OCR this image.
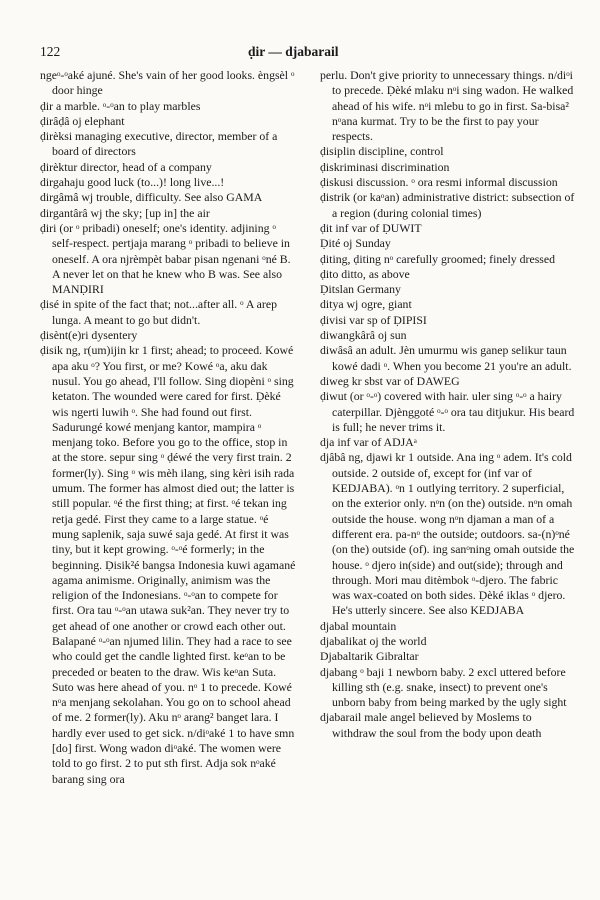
122	ḍir — djabarail

ngeᵒ-ᵒaké ajuné. She's vain of her good looks. èngsèl ᵒ door hinge

ḍir a marble. ᵒ-ᵒan to play marbles

ḍirâḍâ oj elephant

ḍirèksi managing executive, director, member of a board of directors

ḍirèktur director, head of a company

dirgahaju good luck (to...)! long live...!

dirgâmâ wj trouble, difficulty. See also GAMA

dirgantârâ wj the sky; [up in] the air

ḍiri (or ᵒ pribadi) oneself; one's identity. adjining ᵒ self-respect. pertjaja marang ᵒ pribadi to believe in oneself. A ora njrèmpèt babar pisan ngenani ᵒné B. A never let on that he knew who B was. See also MANḌIRI

ḍisé in spite of the fact that; not...after all. ᵒ A arep lunga. A meant to go but didn't.

ḍisènt(e)ri dysentery

ḍisik ng, r(um)ijin kr 1 first; ahead; to proceed. Kowé apa aku ᵒ? You first, or me? Kowé ᵒa, aku dak nusul. You go ahead, I'll follow. Sing diopèni ᵒ sing ketaton. The wounded were cared for first. Ḍèké wis ngerti luwih ᵒ. She had found out first. Sadurungé kowé menjang kantor, mampira ᵒ menjang toko. Before you go to the office, stop in at the store. sepur sing ᵒ ḍéwé the very first train. 2 former(ly). Sing ᵒ wis mèh ilang, sing kèri isih rada umum. The former has almost died out; the latter is still popular. ᵒé the first thing; at first. ᵒé tekan ing retja gedé. First they came to a large statue. ᵒé mung saplenik, saja suwé saja gedé. At first it was tiny, but it kept growing. ᵒ-ᵒé formerly; in the beginning. Ḍisik²é bangsa Indonesia kuwi agamané agama animisme. Originally, animism was the religion of the Indonesians. ᵒ-ᵒan to compete for first. Ora tau ᵒ-ᵒan utawa suk²an. They never try to get ahead of one another or crowd each other out. Balapané ᵒ-ᵒan njumed lilin. They had a race to see who could get the candle lighted first. keᵒan to be preceded or beaten to the draw. Wis keᵒan Suta. Suto was here ahead of you. nᵒ 1 to precede. Kowé nᵒa menjang sekolahan. You go on to school ahead of me. 2 former(ly). Aku nᵒ arang² banget lara. I hardly ever used to get sick. n/diᵒaké 1 to have smn [do] first. Wong wadon diᵒaké. The women were told to go first. 2 to put sth first. Adja sok nᵒaké barang sing ora

perlu. Don't give priority to unnecessary things. n/diᵒi to precede. Ḍèké mlaku nᵒi sing wadon. He walked ahead of his wife. nᵒi mlebu to go in first. Sa-bisa² nᵒana kurmat. Try to be the first to pay your respects.

ḍisiplin discipline, control

ḍiskriminasi discrimination

ḍiskusi discussion. ᵒ ora resmi informal discussion

ḍistrik (or kaᵒan) administrative district: subsection of a region (during colonial times)

ḍit inf var of ḌUWIT

Ḍité oj Sunday

ḍiting, ḍiting nᵒ carefully groomed; finely dressed

ḍito ditto, as above

Ḍitslan Germany

ditya wj ogre, giant

ḍivisi var sp of ḌIPISI

diwangkârâ oj sun

diwâsâ an adult. Jèn umurmu wis ganep selikur taun kowé dadi ᵒ. When you become 21 you're an adult.

diweg kr sbst var of DAWEG

ḍiwut (or ᵒ-ᵒ) covered with hair. uler sing ᵒ-ᵒ a hairy caterpillar. Djènggoté ᵒ-ᵒ ora tau ditjukur. His beard is full; he never trims it.

dja inf var of ADJAᵃ

djâbâ ng, djawi kr 1 outside. Ana ing ᵒ adem. It's cold outside. 2 outside of, except for (inf var of KEDJABA). ᵒn 1 outlying territory. 2 superficial, on the exterior only. nᵒn (on the) outside. nᵒn omah outside the house. wong nᵒn djaman a man of a different era. pa-nᵒ the outside; outdoors. sa-(n)ᵒné (on the) outside (of). ing sanᵒning omah outside the house. ᵒ djero in(side) and out(side); through and through. Mori mau ditèmbok ᵒ-djero. The fabric was wax-coated on both sides. Ḍèké iklas ᵒ djero. He's utterly sincere. See also KEDJABA

djabal mountain

djabalikat oj the world

Djabaltarik Gibraltar

djabang ᵒ baji 1 newborn baby. 2 excl uttered before killing sth (e.g. snake, insect) to prevent one's unborn baby from being marked by the ugly sight

djabarail male angel believed by Moslems to withdraw the soul from the body upon death
